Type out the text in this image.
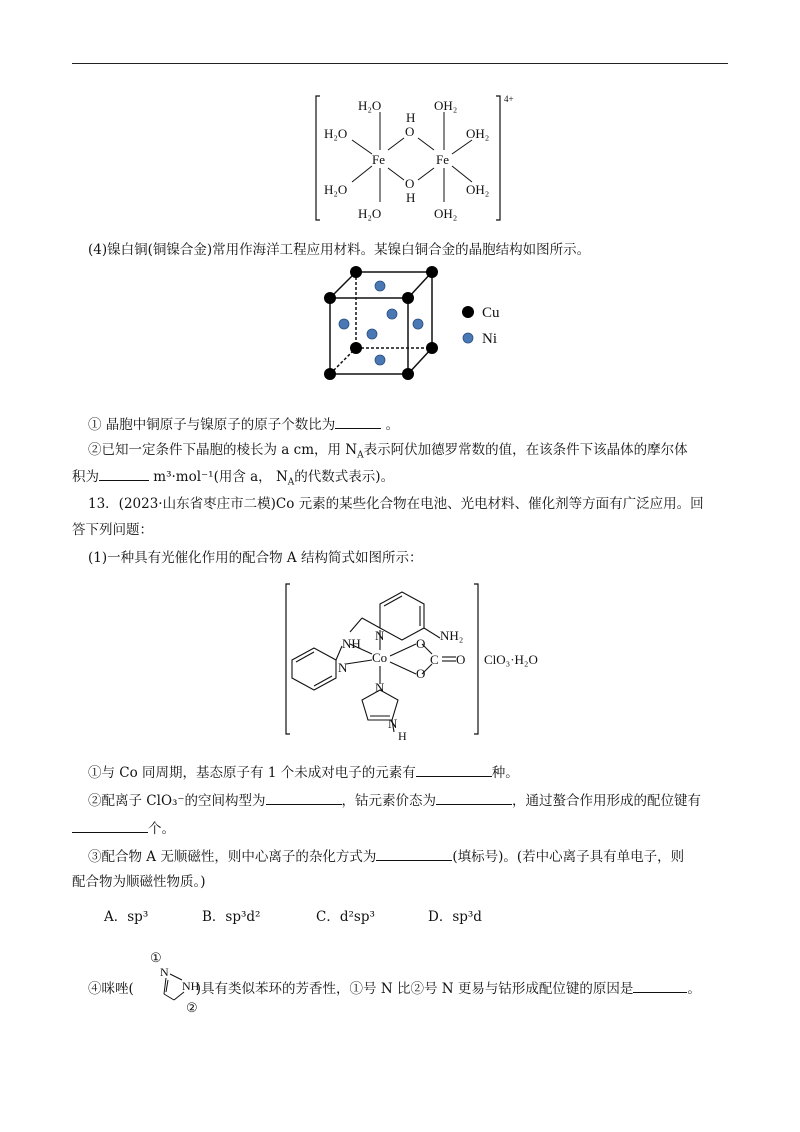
4+
Fe	Fe
H₂O
H₂O
H₂O
H₂O
H
O
O
H
OH₂
OH₂
OH₂
OH₂
(4)镍白铜(铜镍合金)常用作海洋工程应用材料。某镍白铜合金的晶胞结构如图所示。
Cu
Ni
① 晶胞中铜原子与镍原子的原子个数比为	。
②已知一定条件下晶胞的棱长为 a cm，用 $N_A$表示阿伏加德罗常数的值，在该条件下该晶体的摩尔体
积为	m³·mol⁻¹(用含 a， $N_A$的代数式表示)。
13．(2023·山东省枣庄市二模)Co 元素的某些化合物在电池、光电材料、催化剂等方面有广泛应用。回
答下列问题：
(1)一种具有光催化作用的配合物 A 结构简式如图所示：
NH₂
N
NH
N
Co
O
O
C O
N
N
H
ClO₃·H₂O
①与 Co 同周期，基态原子有 1 个未成对电子的元素有	种。
②配离子 ClO₃⁻的空间构型为	，钴元素价态为	，通过螯合作用形成的配位键有
个。
③配合物 A 无顺磁性，则中心离子的杂化方式为	(填标号)。(若中心离子具有单电子，则
配合物为顺磁性物质。)
A．sp³	B．sp³d²	C．d²sp³	D．sp³d
④咪唑(	)具有类似苯环的芳香性，①号 N 比②号 N 更易与钴形成配位键的原因是	。
①
N
NH
②
